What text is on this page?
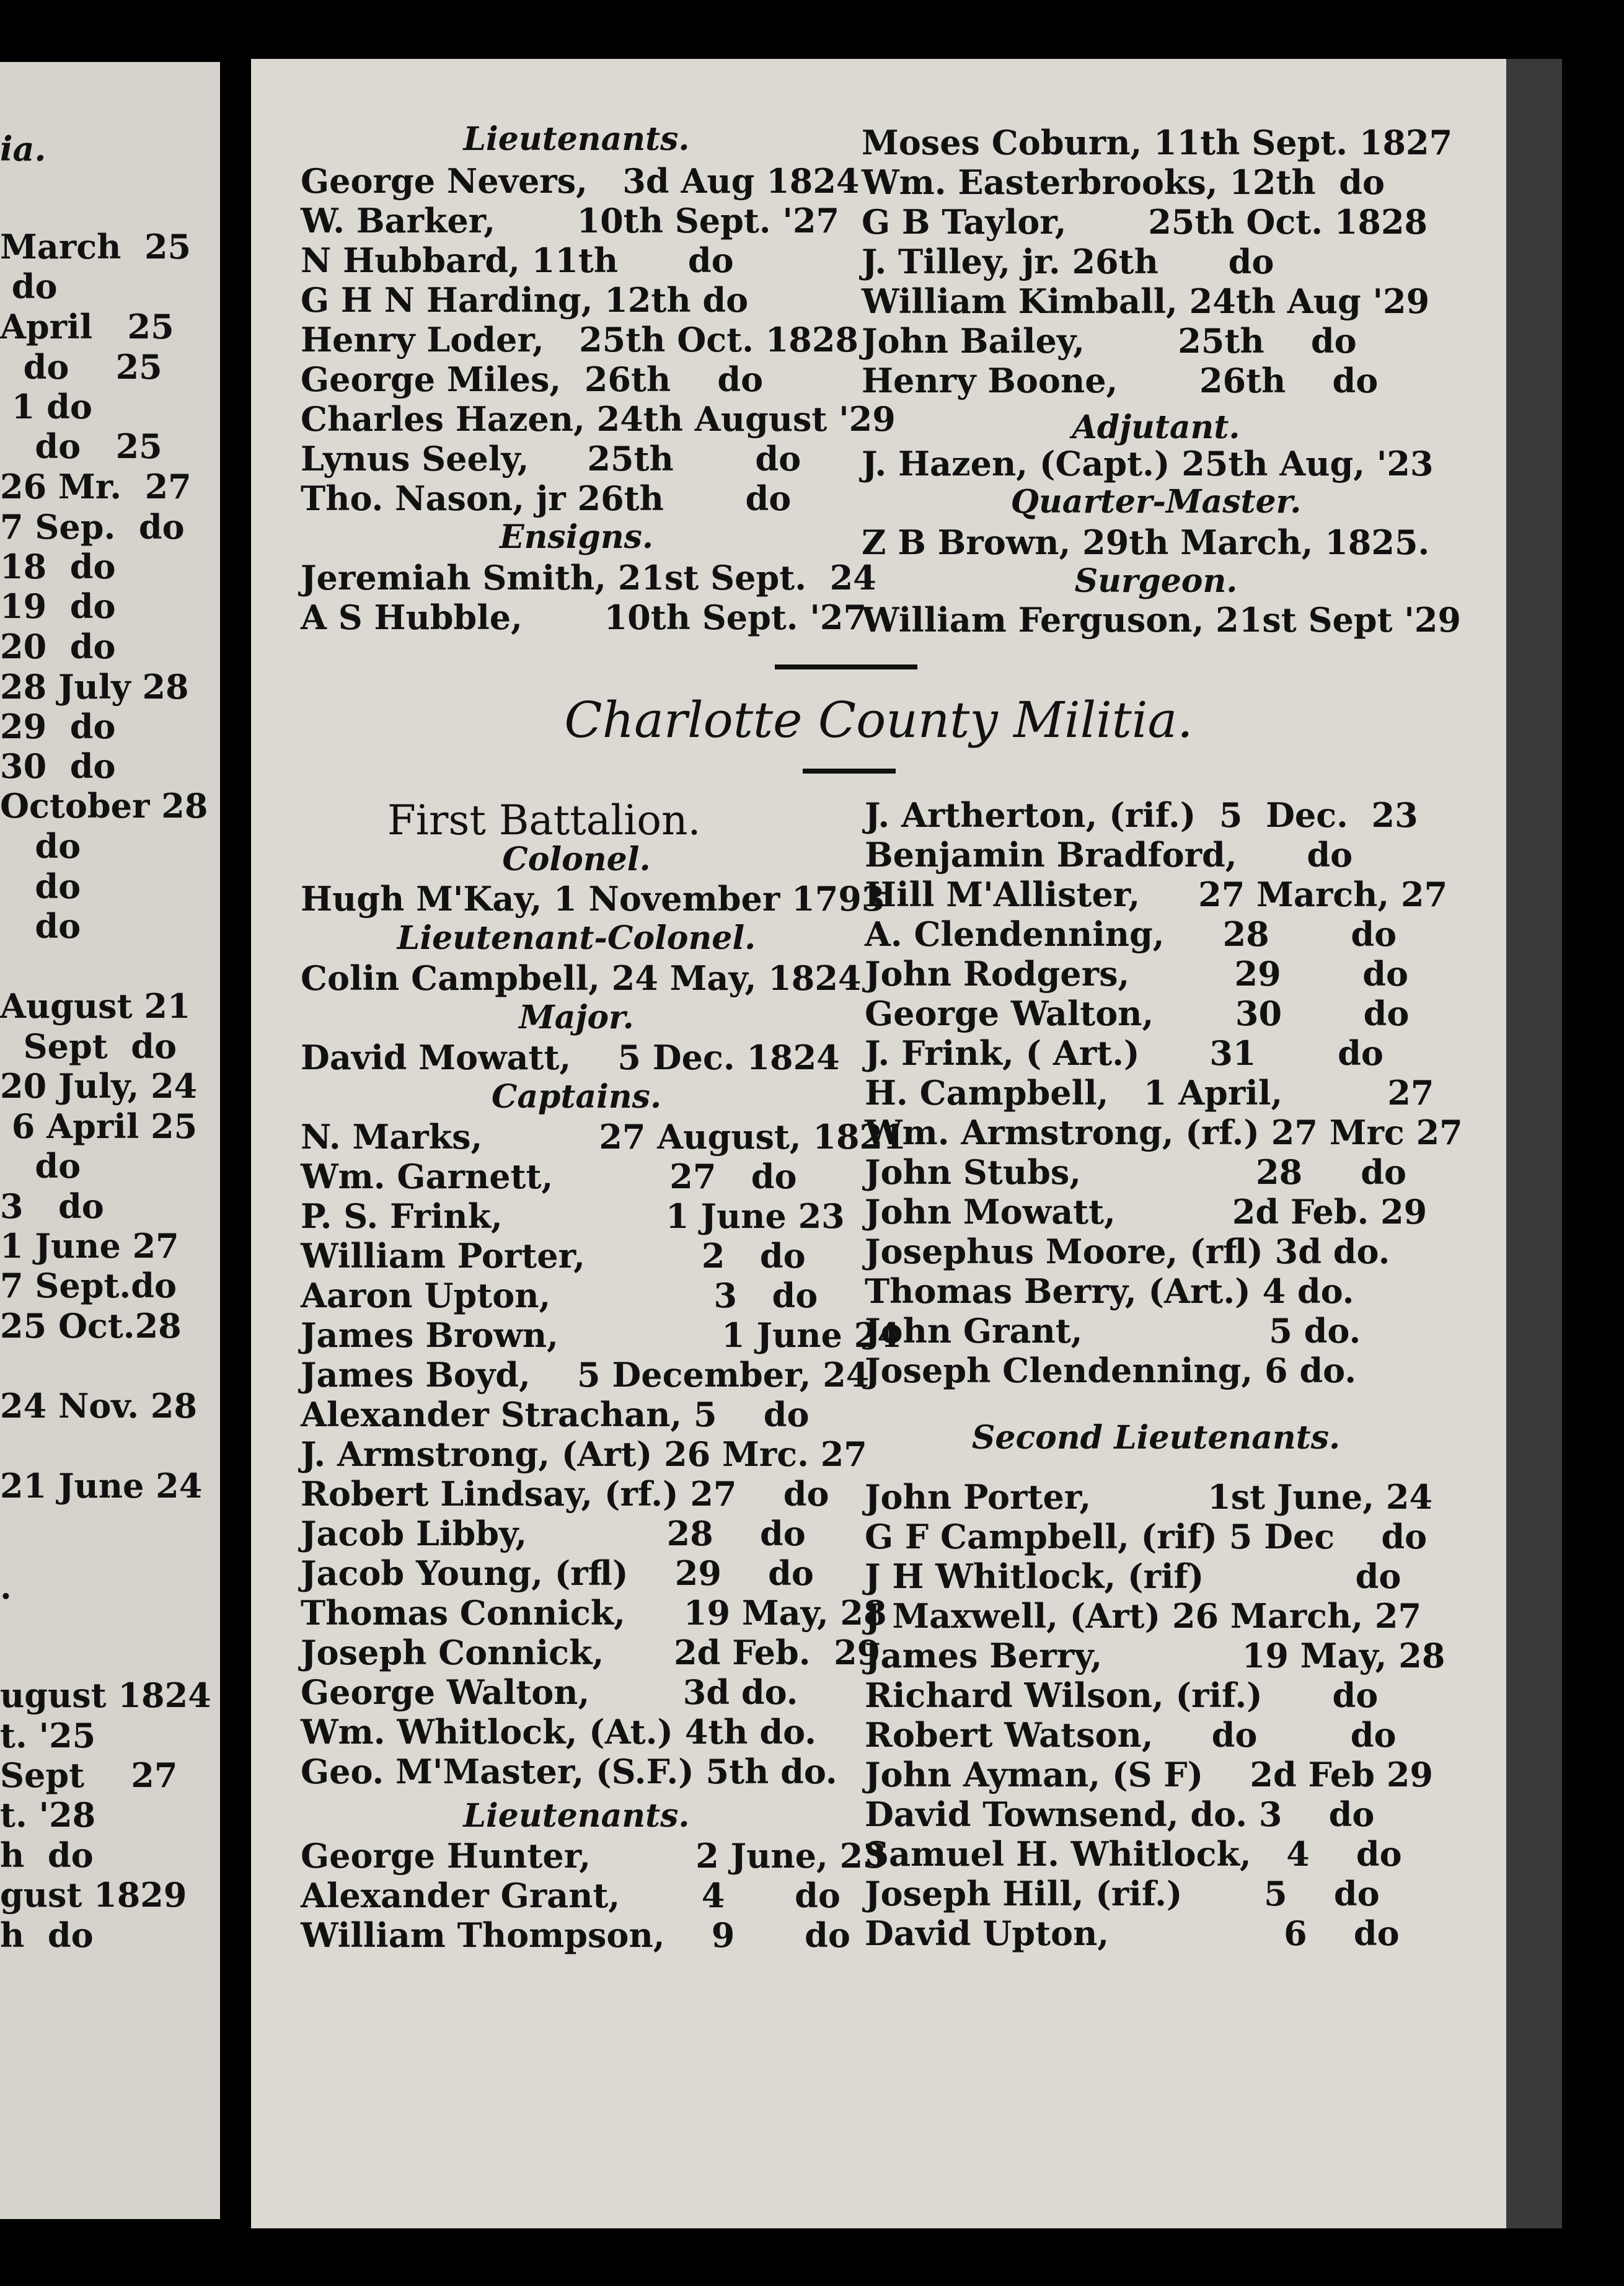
ia.
March  25
do
April   25
do    25
1 do
do   25
26 Mr.  27
7 Sep.  do
18  do
19  do
20  do
28 July 28
29  do
30  do
October 28
do
do
do
August 21
Sept  do
20 July, 24
6 April 25
do
3   do
1 June 27
7 Sept.do
25 Oct.28
24 Nov. 28
21 June 24
.
ugust 1824
t. '25
Sept    27
t. '28
h  do
gust 1829
h  do
Lieutenants.
George Nevers,   3d Aug 1824
W. Barker,       10th Sept. '27
N Hubbard, 11th      do
G H N Harding, 12th do
Henry Loder,   25th Oct. 1828
George Miles,  26th    do
Charles Hazen, 24th August '29
Lynus Seely,     25th       do
Tho. Nason, jr 26th       do
Ensigns.
Jeremiah Smith, 21st Sept.  24
A S Hubble,       10th Sept. '27
Moses Coburn, 11th Sept. 1827
Wm. Easterbrooks, 12th  do
G B Taylor,       25th Oct. 1828
J. Tilley, jr. 26th      do
William Kimball, 24th Aug '29
John Bailey,        25th    do
Henry Boone,       26th    do
Adjutant.
J. Hazen, (Capt.) 25th Aug, '23
Quarter-Master.
Z B Brown, 29th March, 1825.
Surgeon.
William Ferguson, 21st Sept '29
Charlotte County Militia.
First Battalion.
Colonel.
Hugh M'Kay, 1 November 1793
Lieutenant-Colonel.
Colin Campbell, 24 May, 1824
Major.
David Mowatt,    5 Dec. 1824
Captains.
N. Marks,          27 August, 1821
Wm. Garnett,          27   do
P. S. Frink,              1 June 23
William Porter,          2   do
Aaron Upton,              3   do
James Brown,              1 June 24
James Boyd,    5 December, 24
Alexander Strachan, 5    do
J. Armstrong, (Art) 26 Mrc. 27
Robert Lindsay, (rf.) 27    do
Jacob Libby,            28    do
Jacob Young, (rfl)    29    do
Thomas Connick,     19 May, 28
Joseph Connick,      2d Feb.  29
George Walton,        3d do.
Wm. Whitlock, (At.) 4th do.
Geo. M'Master, (S.F.) 5th do.
Lieutenants.
George Hunter,         2 June, 23
Alexander Grant,       4      do
William Thompson,    9      do
J. Artherton, (rif.)  5  Dec.  23
Benjamin Bradford,      do
Hill M'Allister,     27 March, 27
A. Clendenning,     28       do
John Rodgers,         29       do
George Walton,       30       do
J. Frink, ( Art.)      31       do
H. Campbell,   1 April,         27
Wm. Armstrong, (rf.) 27 Mrc 27
John Stubs,               28     do
John Mowatt,          2d Feb. 29
Josephus Moore, (rfl) 3d do.
Thomas Berry, (Art.) 4 do.
John Grant,                5 do.
Joseph Clendenning, 6 do.
Second Lieutenants.
John Porter,          1st June, 24
G F Campbell, (rif) 5 Dec    do
J H Whitlock, (rif)             do
J Maxwell, (Art) 26 March, 27
James Berry,            19 May, 28
Richard Wilson, (rif.)      do
Robert Watson,     do        do
John Ayman, (S F)    2d Feb 29
David Townsend, do. 3    do
Samuel H. Whitlock,   4    do
Joseph Hill, (rif.)       5    do
David Upton,               6    do
